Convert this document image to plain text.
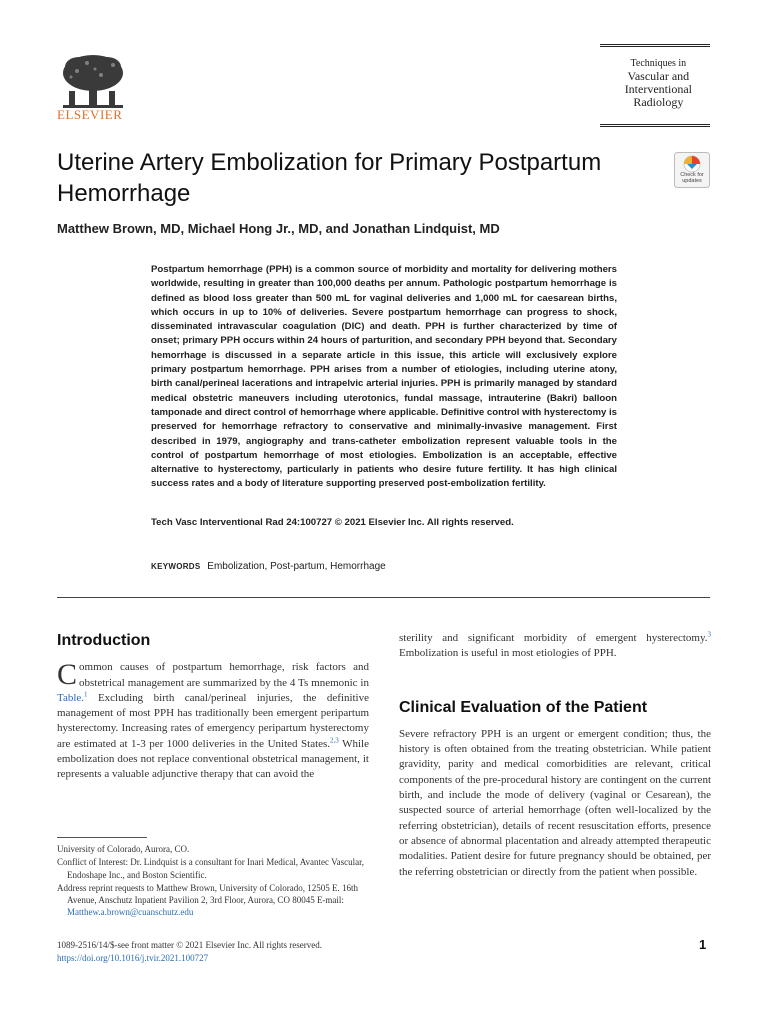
ELSEVIER
Techniques in
Vascular and
Interventional
Radiology
Uterine Artery Embolization for Primary Postpartum Hemorrhage
Check for updates
Matthew Brown, MD, Michael Hong Jr., MD, and Jonathan Lindquist, MD

Postpartum hemorrhage (PPH) is a common source of morbidity and mortality for delivering mothers worldwide, resulting in greater than 100,000 deaths per annum. Pathologic postpartum hemorrhage is defined as blood loss greater than 500 mL for vaginal deliveries and 1,000 mL for caesarean births, which occurs in up to 10% of deliveries. Severe postpartum hemorrhage can progress to shock, disseminated intravascular coagulation (DIC) and death. PPH is further characterized by time of onset; primary PPH occurs within 24 hours of parturition, and secondary PPH beyond that. Secondary hemorrhage is discussed in a separate article in this issue, this article will exclusively explore primary postpartum hemorrhage. PPH arises from a number of etiologies, including uterine atony, birth canal/perineal lacerations and intrapelvic arterial injuries. PPH is primarily managed by standard medical obstetric maneuvers including uterotonics, fundal massage, intrauterine (Bakri) balloon tamponade and direct control of hemorrhage where applicable. Definitive control with hysterectomy is preserved for hemorrhage refractory to conservative and minimally-invasive management. First described in 1979, angiography and trans-catheter embolization represent valuable tools in the control of postpartum hemorrhage of most etiologies. Embolization is an acceptable, effective alternative to hysterectomy, particularly in patients who desire future fertility. It has high clinical success rates and a body of literature supporting preserved post-embolization fertility.

Tech Vasc Interventional Rad 24:100727 © 2021 Elsevier Inc. All rights reserved.
KEYWORDS Embolization, Post-partum, Hemorrhage
Introduction

Common causes of postpartum hemorrhage, risk factors and obstetrical management are summarized by the 4 Ts mnemonic in Table.$^1$ Excluding birth canal/perineal injuries, the definitive management of most PPH has traditionally been emergent peripartum hysterectomy. Increasing rates of emergency peripartum hysterectomy are estimated at 1-3 per 1000 deliveries in the United States.$^{2,3}$ While embolization does not replace conventional obstetrical management, it represents a valuable adjunctive therapy that can avoid the

sterility and significant morbidity of emergent hysterectomy.$^3$ Embolization is useful in most etiologies of PPH.

Clinical Evaluation of the Patient

Severe refractory PPH is an urgent or emergent condition; thus, the history is often obtained from the treating obstetrician. While patient gravidity, parity and medical comorbidities are relevant, critical components of the pre-procedural history are contingent on the current birth, and include the mode of delivery (vaginal or Cesarean), the suspected source of arterial hemorrhage (often well-localized by the referring obstetrician), details of recent resuscitation efforts, presence or absence of abnormal placentation and already attempted therapeutic modalities. Patient desire for future pregnancy should be obtained, per the referring obstetrician or directly from the patient when possible.

University of Colorado, Aurora, CO.

Conflict of Interest: Dr. Lindquist is a consultant for Inari Medical, Avantec Vascular, Endoshape Inc., and Boston Scientific.

Address reprint requests to Matthew Brown, University of Colorado, 12505 E. 16th Avenue, Anschutz Inpatient Pavilion 2, 3rd Floor, Aurora, CO 80045 E-mail: Matthew.a.brown@cuanschutz.edu

1089-2516/14/$-see front matter © 2021 Elsevier Inc. All rights reserved.
https://doi.org/10.1016/j.tvir.2021.100727
1
